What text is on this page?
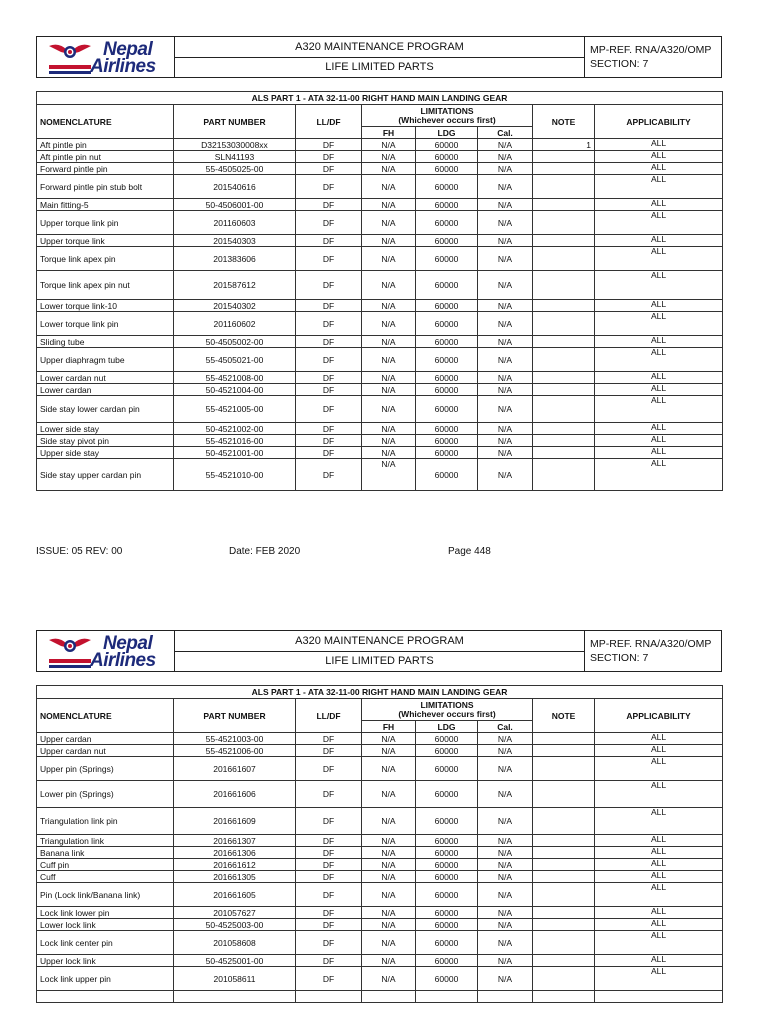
Nepal
Airlines
A320 MAINTENANCE PROGRAM
LIFE LIMITED PARTS
MP-REF. RNA/A320/OMP
SECTION: 7
ALS PART 1 - ATA 32-11-00 RIGHT HAND MAIN LANDING GEAR							
NOMENCLATURE	PART NUMBER	LL/DF	LIMITATIONS
(Whichever occurs first)			NOTE	APPLICABILITY
			FH	LDG	Cal.		
Aft pintle pin	D32153030008xx	DF	N/A	60000	N/A	1	ALL
Aft pintle pin nut	SLN41193	DF	N/A	60000	N/A		ALL
Forward pintle pin	55-4505025-00	DF	N/A	60000	N/A		ALL
Forward pintle pin stub bolt	201540616	DF	N/A	60000	N/A		ALL
Main fitting-5	50-4506001-00	DF	N/A	60000	N/A		ALL
Upper torque link pin	201160603	DF	N/A	60000	N/A		ALL
Upper torque link	201540303	DF	N/A	60000	N/A		ALL
Torque link apex pin	201383606	DF	N/A	60000	N/A		ALL
Torque link apex pin nut	201587612	DF	N/A	60000	N/A		ALL
Lower torque link-10	201540302	DF	N/A	60000	N/A		ALL
Lower torque link pin	201160602	DF	N/A	60000	N/A		ALL
Sliding tube	50-4505002-00	DF	N/A	60000	N/A		ALL
Upper diaphragm tube	55-4505021-00	DF	N/A	60000	N/A		ALL
Lower cardan nut	55-4521008-00	DF	N/A	60000	N/A		ALL
Lower cardan	50-4521004-00	DF	N/A	60000	N/A		ALL
Side stay lower cardan pin	55-4521005-00	DF	N/A	60000	N/A		ALL
Lower side stay	50-4521002-00	DF	N/A	60000	N/A		ALL
Side stay pivot pin	55-4521016-00	DF	N/A	60000	N/A		ALL
Upper side stay	50-4521001-00	DF	N/A	60000	N/A		ALL
Side stay upper cardan pin	55-4521010-00	DF	N/A	60000	N/A		ALL
ISSUE: 05 REV: 00	Date: FEB 2020	Page 448
Nepal
Airlines
A320 MAINTENANCE PROGRAM
LIFE LIMITED PARTS
MP-REF. RNA/A320/OMP
SECTION: 7
ALS PART 1 - ATA 32-11-00 RIGHT HAND MAIN LANDING GEAR							
NOMENCLATURE	PART NUMBER	LL/DF	LIMITATIONS
(Whichever occurs first)			NOTE	APPLICABILITY
			FH	LDG	Cal.		
Upper cardan	55-4521003-00	DF	N/A	60000	N/A		ALL
Upper cardan nut	55-4521006-00	DF	N/A	60000	N/A		ALL
Upper pin (Springs)	201661607	DF	N/A	60000	N/A		ALL
Lower pin (Springs)	201661606	DF	N/A	60000	N/A		ALL
Triangulation link pin	201661609	DF	N/A	60000	N/A		ALL
Triangulation link	201661307	DF	N/A	60000	N/A		ALL
Banana link	201661306	DF	N/A	60000	N/A		ALL
Cuff pin	201661612	DF	N/A	60000	N/A		ALL
Cuff	201661305	DF	N/A	60000	N/A		ALL
Pin (Lock link/Banana link)	201661605	DF	N/A	60000	N/A		ALL
Lock link lower pin	201057627	DF	N/A	60000	N/A		ALL
Lower lock link	50-4525003-00	DF	N/A	60000	N/A		ALL
Lock link center pin	201058608	DF	N/A	60000	N/A		ALL
Upper lock link	50-4525001-00	DF	N/A	60000	N/A		ALL
Lock link upper pin	201058611	DF	N/A	60000	N/A		ALL
